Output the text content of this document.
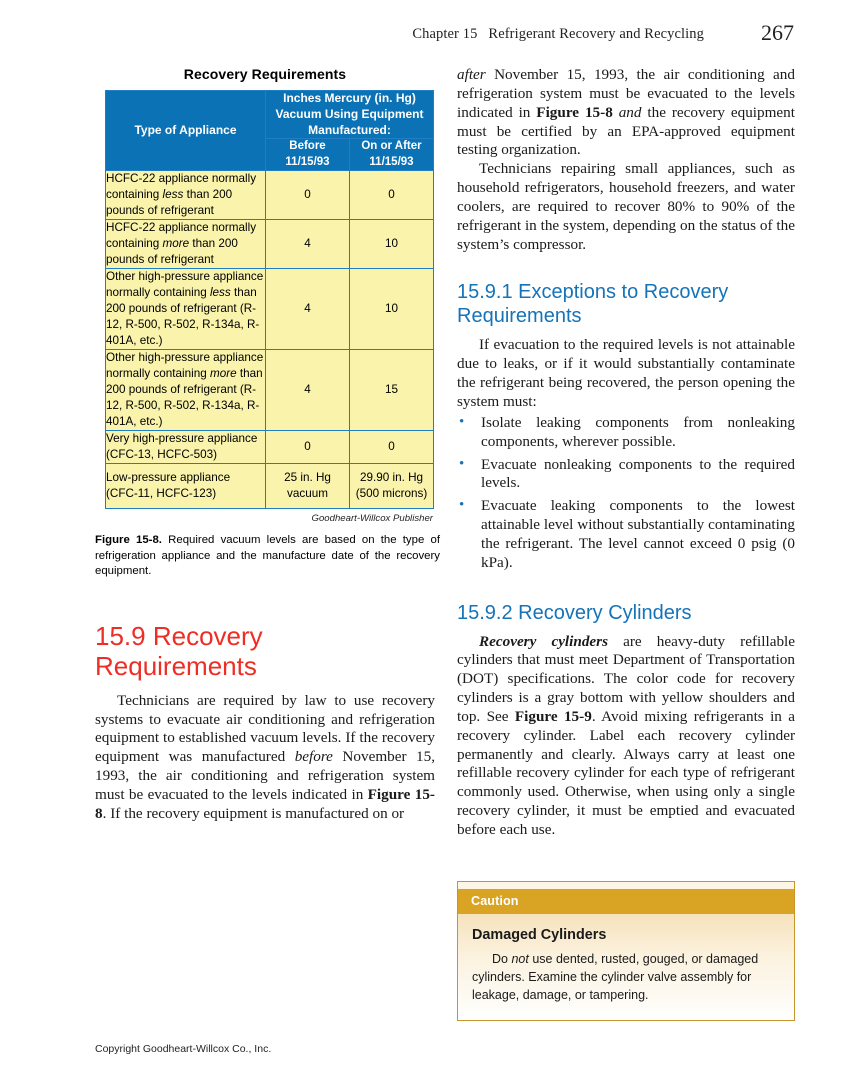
Chapter 15 Refrigerant Recovery and Recycling	267
Recovery Requirements
Type of Appliance	Inches Mercury (in. Hg) Vacuum Using Equipment Manufactured:	
	Before 11/15/93	On or After 11/15/93
HCFC-22 appliance normally containing less than 200 pounds of refrigerant	0	0
HCFC-22 appliance normally containing more than 200 pounds of refrigerant	4	10
Other high-pressure appliance normally containing less than 200 pounds of refrigerant (R-12, R-500, R-502, R-134a, R-401A, etc.)	4	10
Other high-pressure appliance normally containing more than 200 pounds of refrigerant (R-12, R-500, R-502, R-134a, R-401A, etc.)	4	15
Very high-pressure appliance (CFC-13, HCFC-503)	0	0
Low-pressure appliance (CFC-11, HCFC-123)	25 in. Hg vacuum	29.90 in. Hg (500 microns)
Goodheart-Willcox Publisher
Figure 15-8. Required vacuum levels are based on the type of refrigeration appliance and the manufacture date of the recovery equipment.
15.9 Recovery Requirements

Technicians are required by law to use recovery systems to evacuate air conditioning and refrigeration equipment to established vacuum levels. If the recovery equipment was manufactured before November 15, 1993, the air conditioning and refrigeration system must be evacuated to the levels indicated in Figure 15-8. If the recovery equipment is manufactured on or

after November 15, 1993, the air conditioning and refrigeration system must be evacuated to the levels indicated in Figure 15-8 and the recovery equipment must be certified by an EPA-approved equipment testing organization.

Technicians repairing small appliances, such as household refrigerators, household freezers, and water coolers, are required to recover 80% to 90% of the refrigerant in the system, depending on the status of the system’s compressor.

15.9.1 Exceptions to Recovery Requirements

If evacuation to the required levels is not attainable due to leaks, or if it would substantially contaminate the refrigerant being recovered, the person opening the system must:

• Isolate leaking components from nonleaking components, wherever possible.
• Evacuate nonleaking components to the required levels.
• Evacuate leaking components to the lowest attainable level without substantially contaminating the refrigerant. The level cannot exceed 0 psig (0 kPa).
15.9.2 Recovery Cylinders

Recovery cylinders are heavy-duty refillable cylinders that must meet Department of Transportation (DOT) specifications. The color code for recovery cylinders is a gray bottom with yellow shoulders and top. See Figure 15-9. Avoid mixing refrigerants in a recovery cylinder. Label each recovery cylinder permanently and clearly. Always carry at least one refillable recovery cylinder for each type of refrigerant commonly used. Otherwise, when using only a single recovery cylinder, it must be emptied and evacuated before each use.

Caution
Damaged Cylinders

Do not use dented, rusted, gouged, or damaged cylinders. Examine the cylinder valve assembly for leakage, damage, or tampering.

Copyright Goodheart-Willcox Co., Inc.
